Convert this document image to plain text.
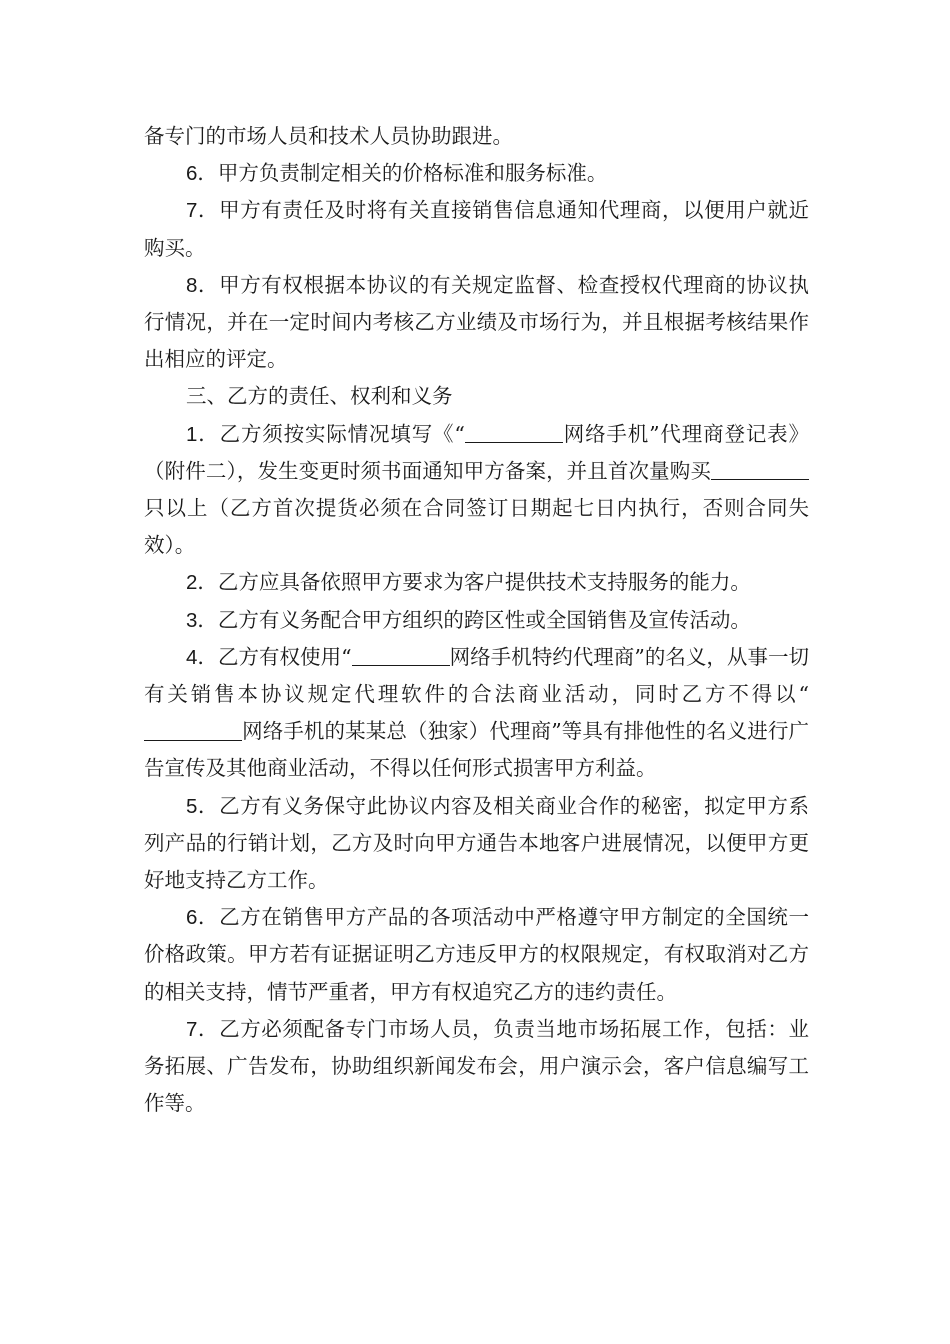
备专门的市场人员和技术人员协助跟进。

6．甲方负责制定相关的价格标准和服务标准。

7．甲方有责任及时将有关直接销售信息通知代理商，以便用户就近购买。

8．甲方有权根据本协议的有关规定监督、检查授权代理商的协议执行情况，并在一定时间内考核乙方业绩及市场行为，并且根据考核结果作出相应的评定。

三、乙方的责任、权利和义务

1．乙方须按实际情况填写《“	网络手机”代理商登记表》（附件二），发生变更时须书面通知甲方备案，并且首次量购买只以上（乙方首次提货必须在合同签订日期起七日内执行，否则合同失效）。

2．乙方应具备依照甲方要求为客户提供技术支持服务的能力。

3．乙方有义务配合甲方组织的跨区性或全国销售及宣传活动。

4．乙方有权使用“	网络手机特约代理商”的名义，从事一切有关销售本协议规定代理软件的合法商业活动，同时乙方不得以“网络手机的某某总（独家）代理商”等具有排他性的名义进行广告宣传及其他商业活动，不得以任何形式损害甲方利益。

5．乙方有义务保守此协议内容及相关商业合作的秘密，拟定甲方系列产品的行销计划，乙方及时向甲方通告本地客户进展情况，以便甲方更好地支持乙方工作。

6．乙方在销售甲方产品的各项活动中严格遵守甲方制定的全国统一价格政策。甲方若有证据证明乙方违反甲方的权限规定，有权取消对乙方的相关支持，情节严重者，甲方有权追究乙方的违约责任。

7．乙方必须配备专门市场人员，负责当地市场拓展工作，包括：业务拓展、广告发布，协助组织新闻发布会，用户演示会，客户信息编写工作等。
